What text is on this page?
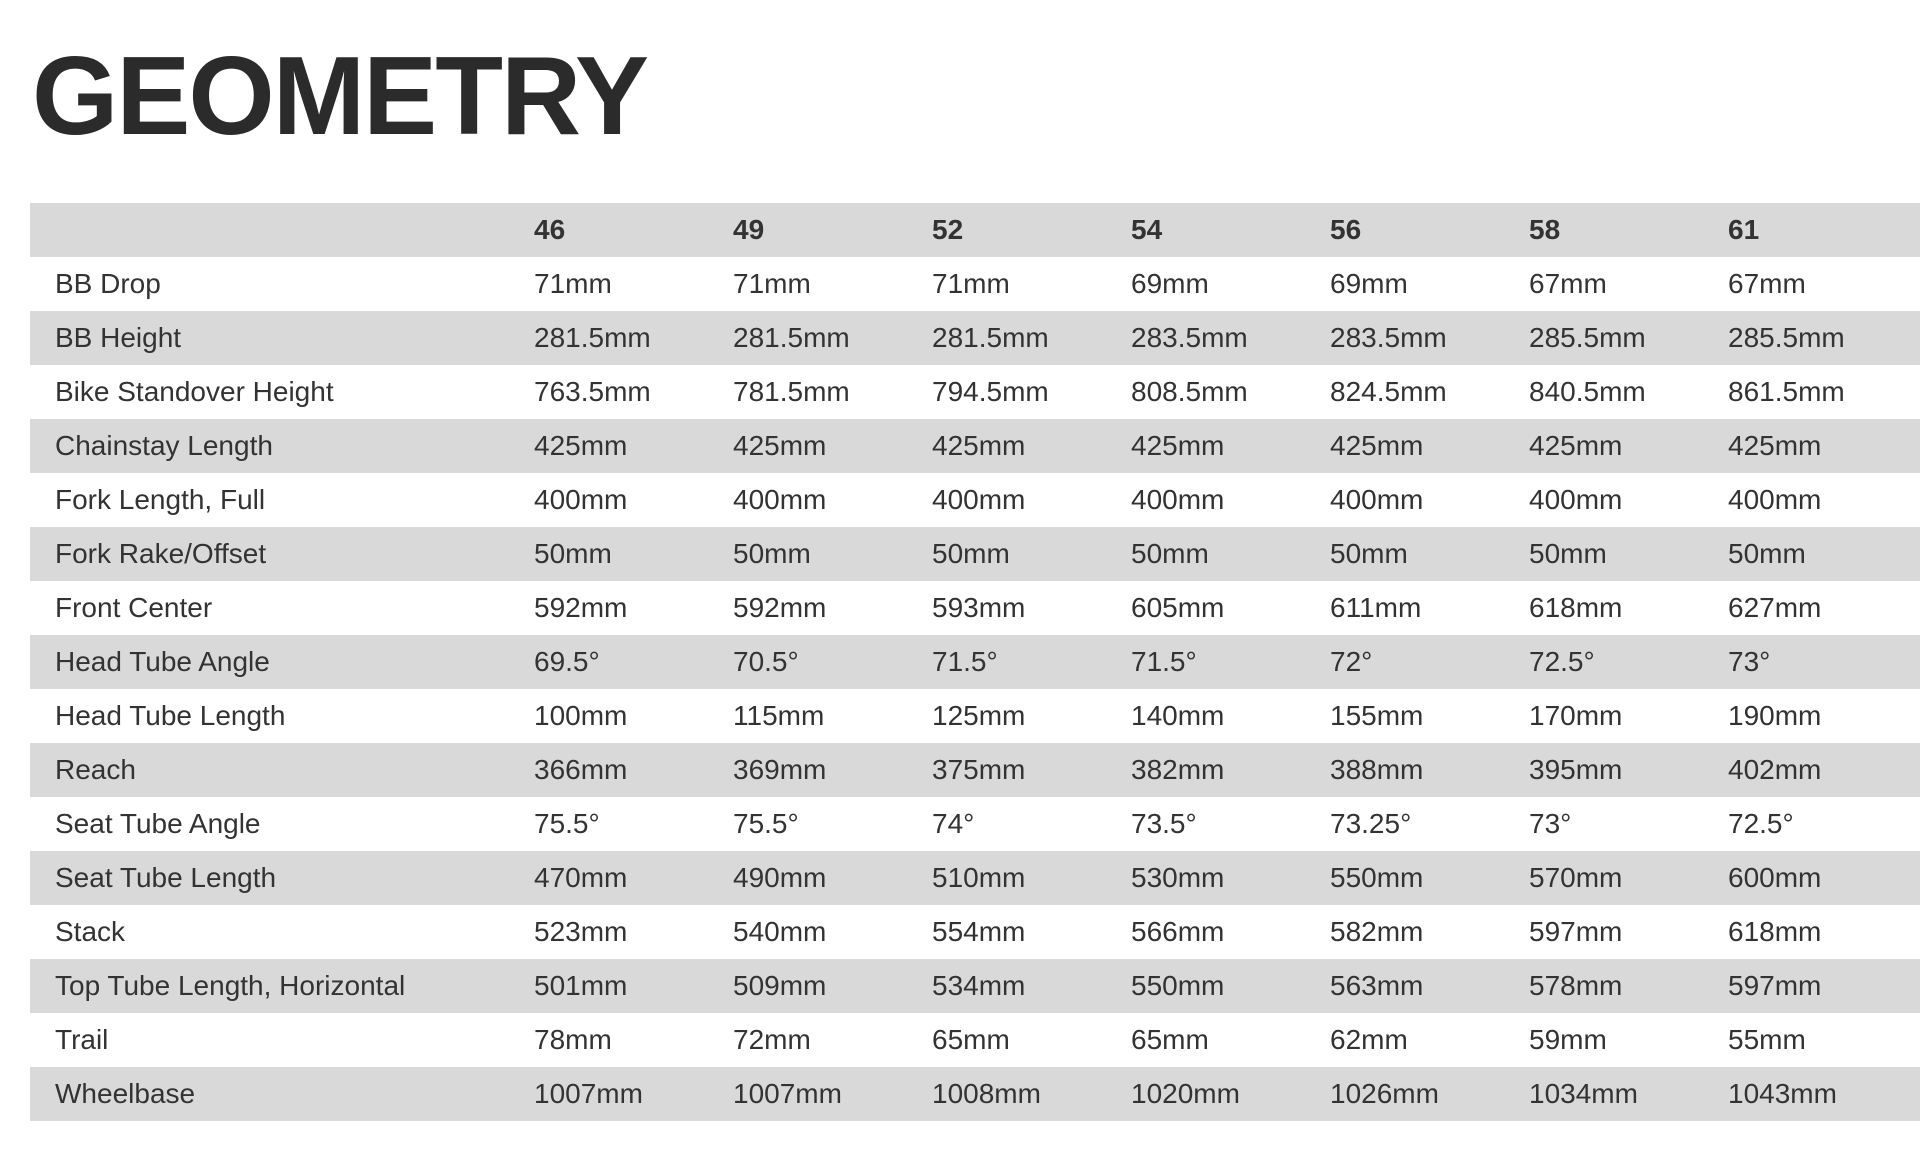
GEOMETRY
	46	49	52	54	56	58	61
BB Drop	71mm	71mm	71mm	69mm	69mm	67mm	67mm
BB Height	281.5mm	281.5mm	281.5mm	283.5mm	283.5mm	285.5mm	285.5mm
Bike Standover Height	763.5mm	781.5mm	794.5mm	808.5mm	824.5mm	840.5mm	861.5mm
Chainstay Length	425mm	425mm	425mm	425mm	425mm	425mm	425mm
Fork Length, Full	400mm	400mm	400mm	400mm	400mm	400mm	400mm
Fork Rake/Offset	50mm	50mm	50mm	50mm	50mm	50mm	50mm
Front Center	592mm	592mm	593mm	605mm	611mm	618mm	627mm
Head Tube Angle	69.5°	70.5°	71.5°	71.5°	72°	72.5°	73°
Head Tube Length	100mm	115mm	125mm	140mm	155mm	170mm	190mm
Reach	366mm	369mm	375mm	382mm	388mm	395mm	402mm
Seat Tube Angle	75.5°	75.5°	74°	73.5°	73.25°	73°	72.5°
Seat Tube Length	470mm	490mm	510mm	530mm	550mm	570mm	600mm
Stack	523mm	540mm	554mm	566mm	582mm	597mm	618mm
Top Tube Length, Horizontal	501mm	509mm	534mm	550mm	563mm	578mm	597mm
Trail	78mm	72mm	65mm	65mm	62mm	59mm	55mm
Wheelbase	1007mm	1007mm	1008mm	1020mm	1026mm	1034mm	1043mm
